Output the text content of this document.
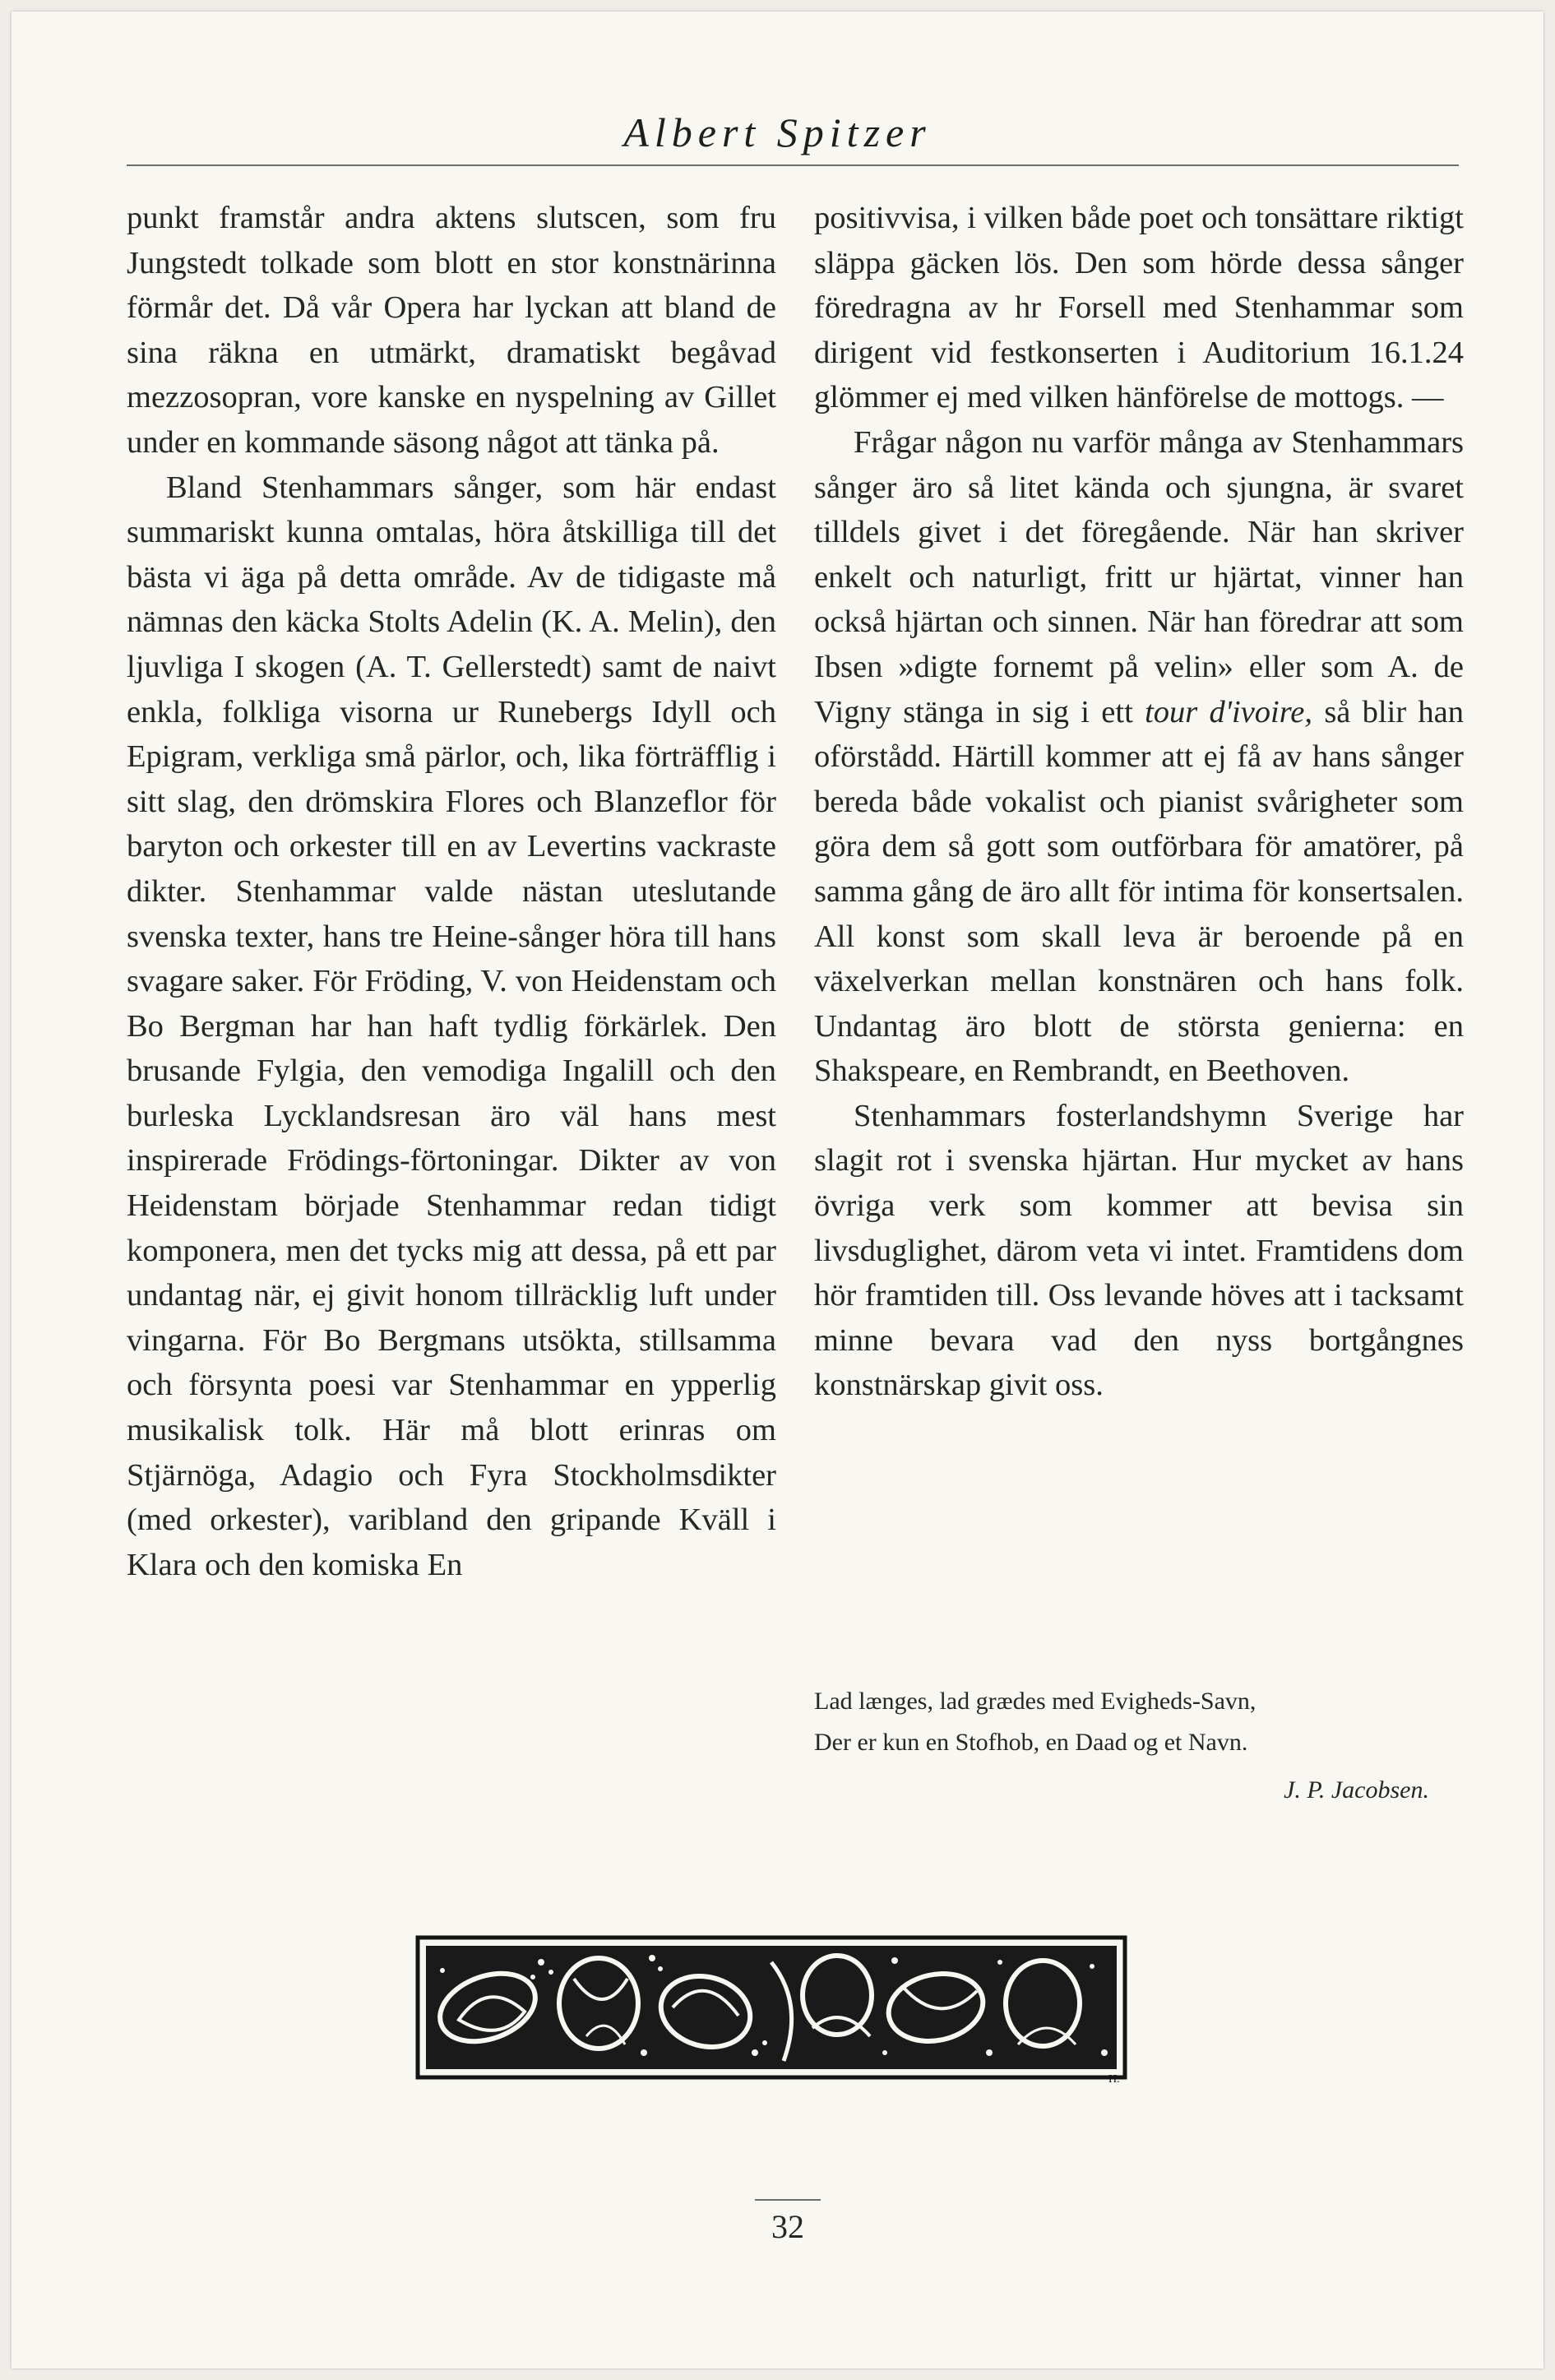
Albert Spitzer

punkt framstår andra aktens slutscen, som fru Jungstedt tolkade som blott en stor konstnärinna förmår det. Då vår Opera har lyckan att bland de sina räkna en utmärkt, dramatiskt begåvad mezzosopran, vore kanske en nyspelning av Gillet under en kommande säsong något att tänka på.

Bland Stenhammars sånger, som här endast summariskt kunna omtalas, höra åtskilliga till det bästa vi äga på detta område. Av de tidigaste må nämnas den käcka Stolts Adelin (K. A. Melin), den ljuvliga I skogen (A. T. Gellerstedt) samt de naivt enkla, folkliga visorna ur Runebergs Idyll och Epigram, verkliga små pärlor, och, lika förträfflig i sitt slag, den drömskira Flores och Blanzeflor för baryton och orkester till en av Levertins vackraste dikter. Stenhammar valde nästan uteslutande svenska texter, hans tre Heine-sånger höra till hans svagare saker. För Fröding, V. von Heidenstam och Bo Bergman har han haft tydlig förkärlek. Den brusande Fylgia, den vemodiga Ingalill och den burleska Lycklandsresan äro väl hans mest inspirerade Frödings-förtoningar. Dikter av von Heidenstam började Stenhammar redan tidigt komponera, men det tycks mig att dessa, på ett par undantag när, ej givit honom tillräcklig luft under vingarna. För Bo Bergmans utsökta, stillsamma och försynta poesi var Stenhammar en ypperlig musikalisk tolk. Här må blott erinras om Stjärnöga, Adagio och Fyra Stockholmsdikter (med orkester), varibland den gripande Kväll i Klara och den komiska En

positivvisa, i vilken både poet och tonsättare riktigt släppa gäcken lös. Den som hörde dessa sånger föredragna av hr Forsell med Stenhammar som dirigent vid festkonserten i Auditorium 16.1.24 glömmer ej med vilken hänförelse de mottogs. —

Frågar någon nu varför många av Stenhammars sånger äro så litet kända och sjungna, är svaret tilldels givet i det föregående. När han skriver enkelt och naturligt, fritt ur hjärtat, vinner han också hjärtan och sinnen. När han föredrar att som Ibsen »digte fornemt på velin» eller som A. de Vigny stänga in sig i ett tour d'ivoire, så blir han oförstådd. Härtill kommer att ej få av hans sånger bereda både vokalist och pianist svårigheter som göra dem så gott som outförbara för amatörer, på samma gång de äro allt för intima för konsertsalen. All konst som skall leva är beroende på en växelverkan mellan konstnären och hans folk. Undantag äro blott de största genierna: en Shakspeare, en Rembrandt, en Beethoven.

Stenhammars fosterlandshymn Sverige har slagit rot i svenska hjärtan. Hur mycket av hans övriga verk som kommer att bevisa sin livsduglighet, därom veta vi intet. Framtidens dom hör framtiden till. Oss levande höves att i tacksamt minne bevara vad den nyss bortgångnes konstnärskap givit oss.

Lad længes, lad grædes med Evigheds-Savn,
Der er kun en Stofhob, en Daad og et Navn.
J. P. Jacobsen.
H.
32
